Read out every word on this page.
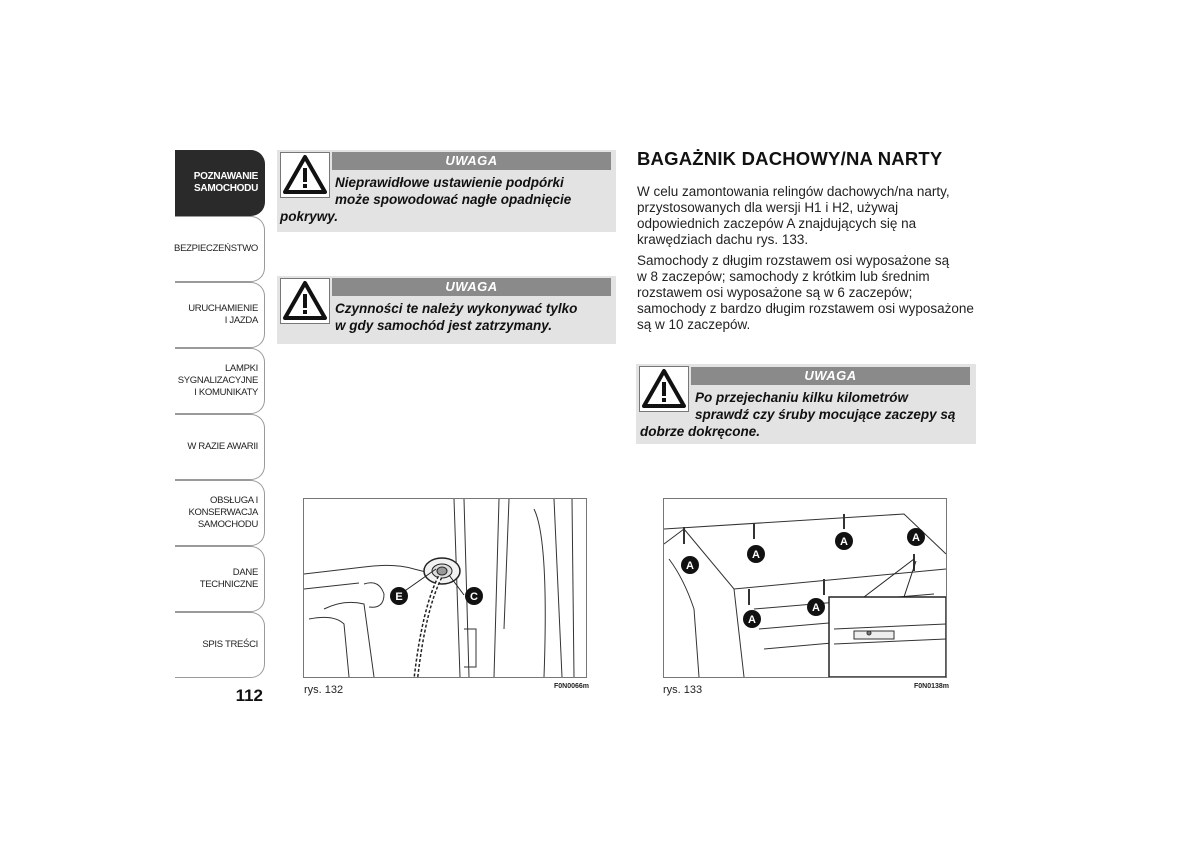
POZNAWANIE
SAMOCHODU
BEZPIECZEŃSTWO
URUCHAMIENIE
I JAZDA
LAMPKI
SYGNALIZACYJNE
I KOMUNIKATY
W RAZIE AWARII
OBSŁUGA I
KONSERWACJA
SAMOCHODU
DANE TECHNICZNE
SPIS TREŚCI
112
UWAGA
Nieprawidłowe ustawienie podpórki
może spowodować nagłe opadnięcie
pokrywy.
UWAGA
Czynności te należy wykonywać tylko
w gdy samochód jest zatrzymany.
BAGAŻNIK DACHOWY/NA NARTY
W celu zamontowania relingów dachowych/na narty,
przystosowanych dla wersji H1 i H2, używaj
odpowiednich zaczepów A znajdujących się na
krawędziach dachu rys. 133.
Samochody z długim rozstawem osi wyposażone są
w 8 zaczepów; samochody z krótkim lub średnim
rozstawem osi wyposażone są w 6 zaczepów;
samochody z bardzo długim rozstawem osi wyposażone
są w 10 zaczepów.
UWAGA
Po przejechaniu kilku kilometrów
sprawdź czy śruby mocujące zaczepy są
dobrze dokręcone.
E	C
rys. 132	F0N0066m
A
A
A	A
A
A
rys. 133	F0N0138m
